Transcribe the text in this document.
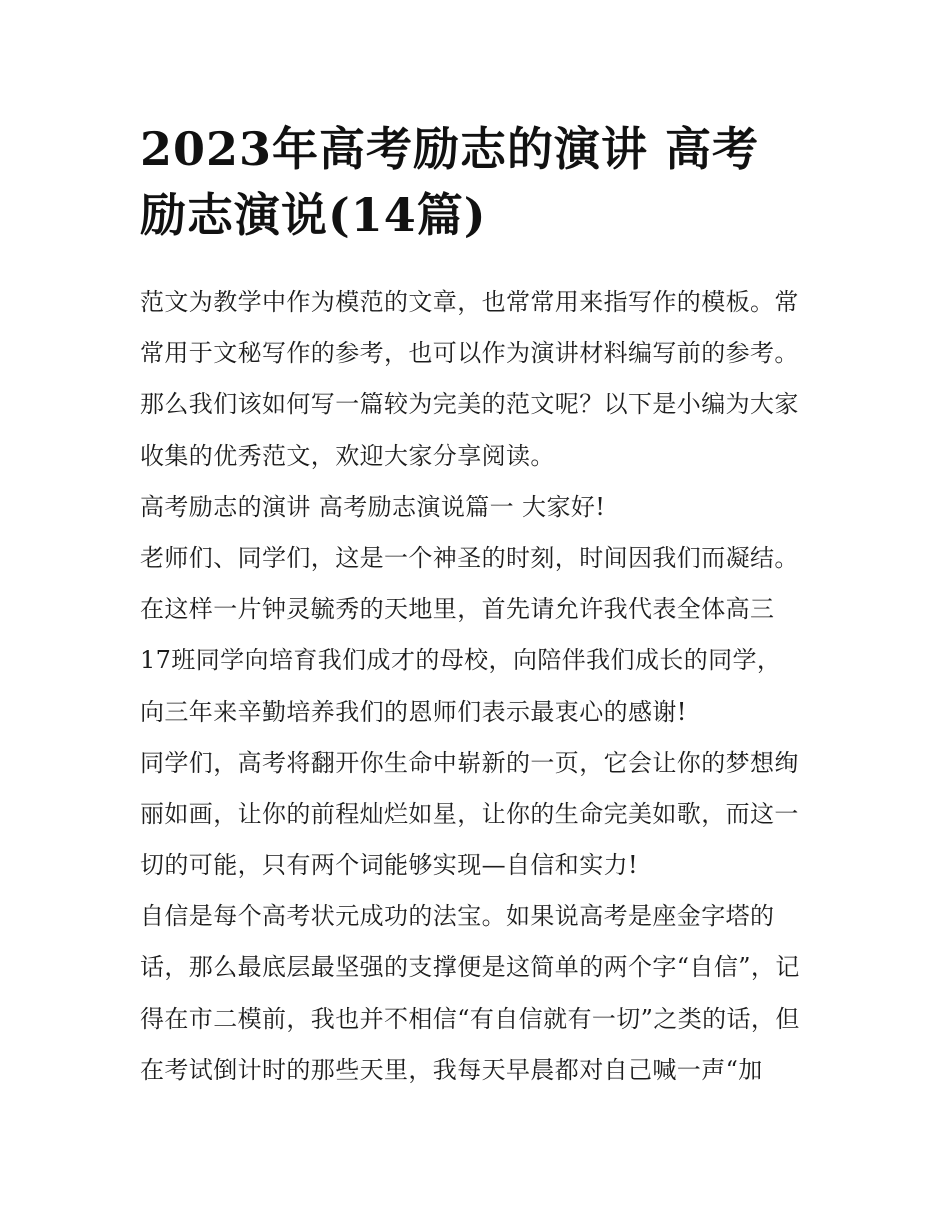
2023年高考励志的演讲 高考
励志演说(14篇)
范文为教学中作为模范的文章，也常常用来指写作的模板。常
常用于文秘写作的参考，也可以作为演讲材料编写前的参考。
那么我们该如何写一篇较为完美的范文呢？以下是小编为大家
收集的优秀范文，欢迎大家分享阅读。
高考励志的演讲 高考励志演说篇一 大家好!
老师们、同学们，这是一个神圣的时刻，时间因我们而凝结。
在这样一片钟灵毓秀的天地里，首先请允许我代表全体高三
17班同学向培育我们成才的母校，向陪伴我们成长的同学，
向三年来辛勤培养我们的恩师们表示最衷心的感谢!
同学们，高考将翻开你生命中崭新的一页，它会让你的梦想绚
丽如画，让你的前程灿烂如星，让你的生命完美如歌，而这一
切的可能，只有两个词能够实现—自信和实力!
自信是每个高考状元成功的法宝。如果说高考是座金字塔的
话，那么最底层最坚强的支撑便是这简单的两个字“自信”，记
得在市二模前，我也并不相信“有自信就有一切”之类的话，但
在考试倒计时的那些天里，我每天早晨都对自己喊一声“加
